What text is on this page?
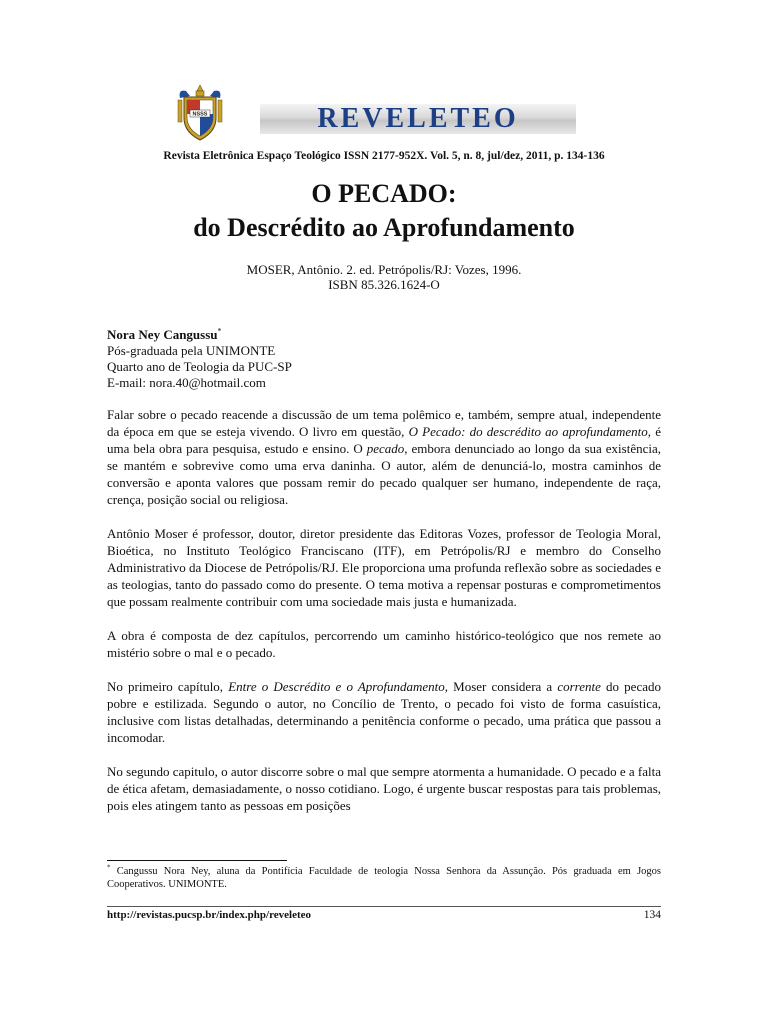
NSSS	REVELETEO
Revista Eletrônica Espaço Teológico ISSN 2177-952X. Vol. 5, n. 8, jul/dez, 2011, p. 134-136
O PECADO:
do Descrédito ao Aprofundamento
MOSER, Antônio. 2. ed. Petrópolis/RJ: Vozes, 1996.
ISBN 85.326.1624-O
Nora Ney Cangussu*
Pós-graduada pela UNIMONTE
Quarto ano de Teologia da PUC-SP
E-mail: nora.40@hotmail.com

Falar sobre o pecado reacende a discussão de um tema polêmico e, também, sempre atual, independente da época em que se esteja vivendo. O livro em questão, O Pecado: do descrédito ao aprofundamento, é uma bela obra para pesquisa, estudo e ensino. O pecado, embora denunciado ao longo da sua existência, se mantém e sobrevive como uma erva daninha. O autor, além de denunciá-lo, mostra caminhos de conversão e aponta valores que possam remir do pecado qualquer ser humano, independente de raça, crença, posição social ou religiosa.

Antônio Moser é professor, doutor, diretor presidente das Editoras Vozes, professor de Teologia Moral, Bioética, no Instituto Teológico Franciscano (ITF), em Petrópolis/RJ e membro do Conselho Administrativo da Diocese de Petrópolis/RJ. Ele proporciona uma profunda reflexão sobre as sociedades e as teologias, tanto do passado como do presente. O tema motiva a repensar posturas e comprometimentos que possam realmente contribuir com uma sociedade mais justa e humanizada.

A obra é composta de dez capítulos, percorrendo um caminho histórico-teológico que nos remete ao mistério sobre o mal e o pecado.

No primeiro capítulo, Entre o Descrédito e o Aprofundamento, Moser considera a corrente do pecado pobre e estilizada. Segundo o autor, no Concílio de Trento, o pecado foi visto de forma casuística, inclusive com listas detalhadas, determinando a penitência conforme o pecado, uma prática que passou a incomodar.

No segundo capitulo, o autor discorre sobre o mal que sempre atormenta a humanidade. O pecado e a falta de ética afetam, demasiadamente, o nosso cotidiano. Logo, é urgente buscar respostas para tais problemas, pois eles atingem tanto as pessoas em posições

* Cangussu Nora Ney, aluna da Pontifícia Faculdade de teologia Nossa Senhora da Assunção. Pós graduada em Jogos Cooperativos. UNIMONTE.
http://revistas.pucsp.br/index.php/reveleteo	134
